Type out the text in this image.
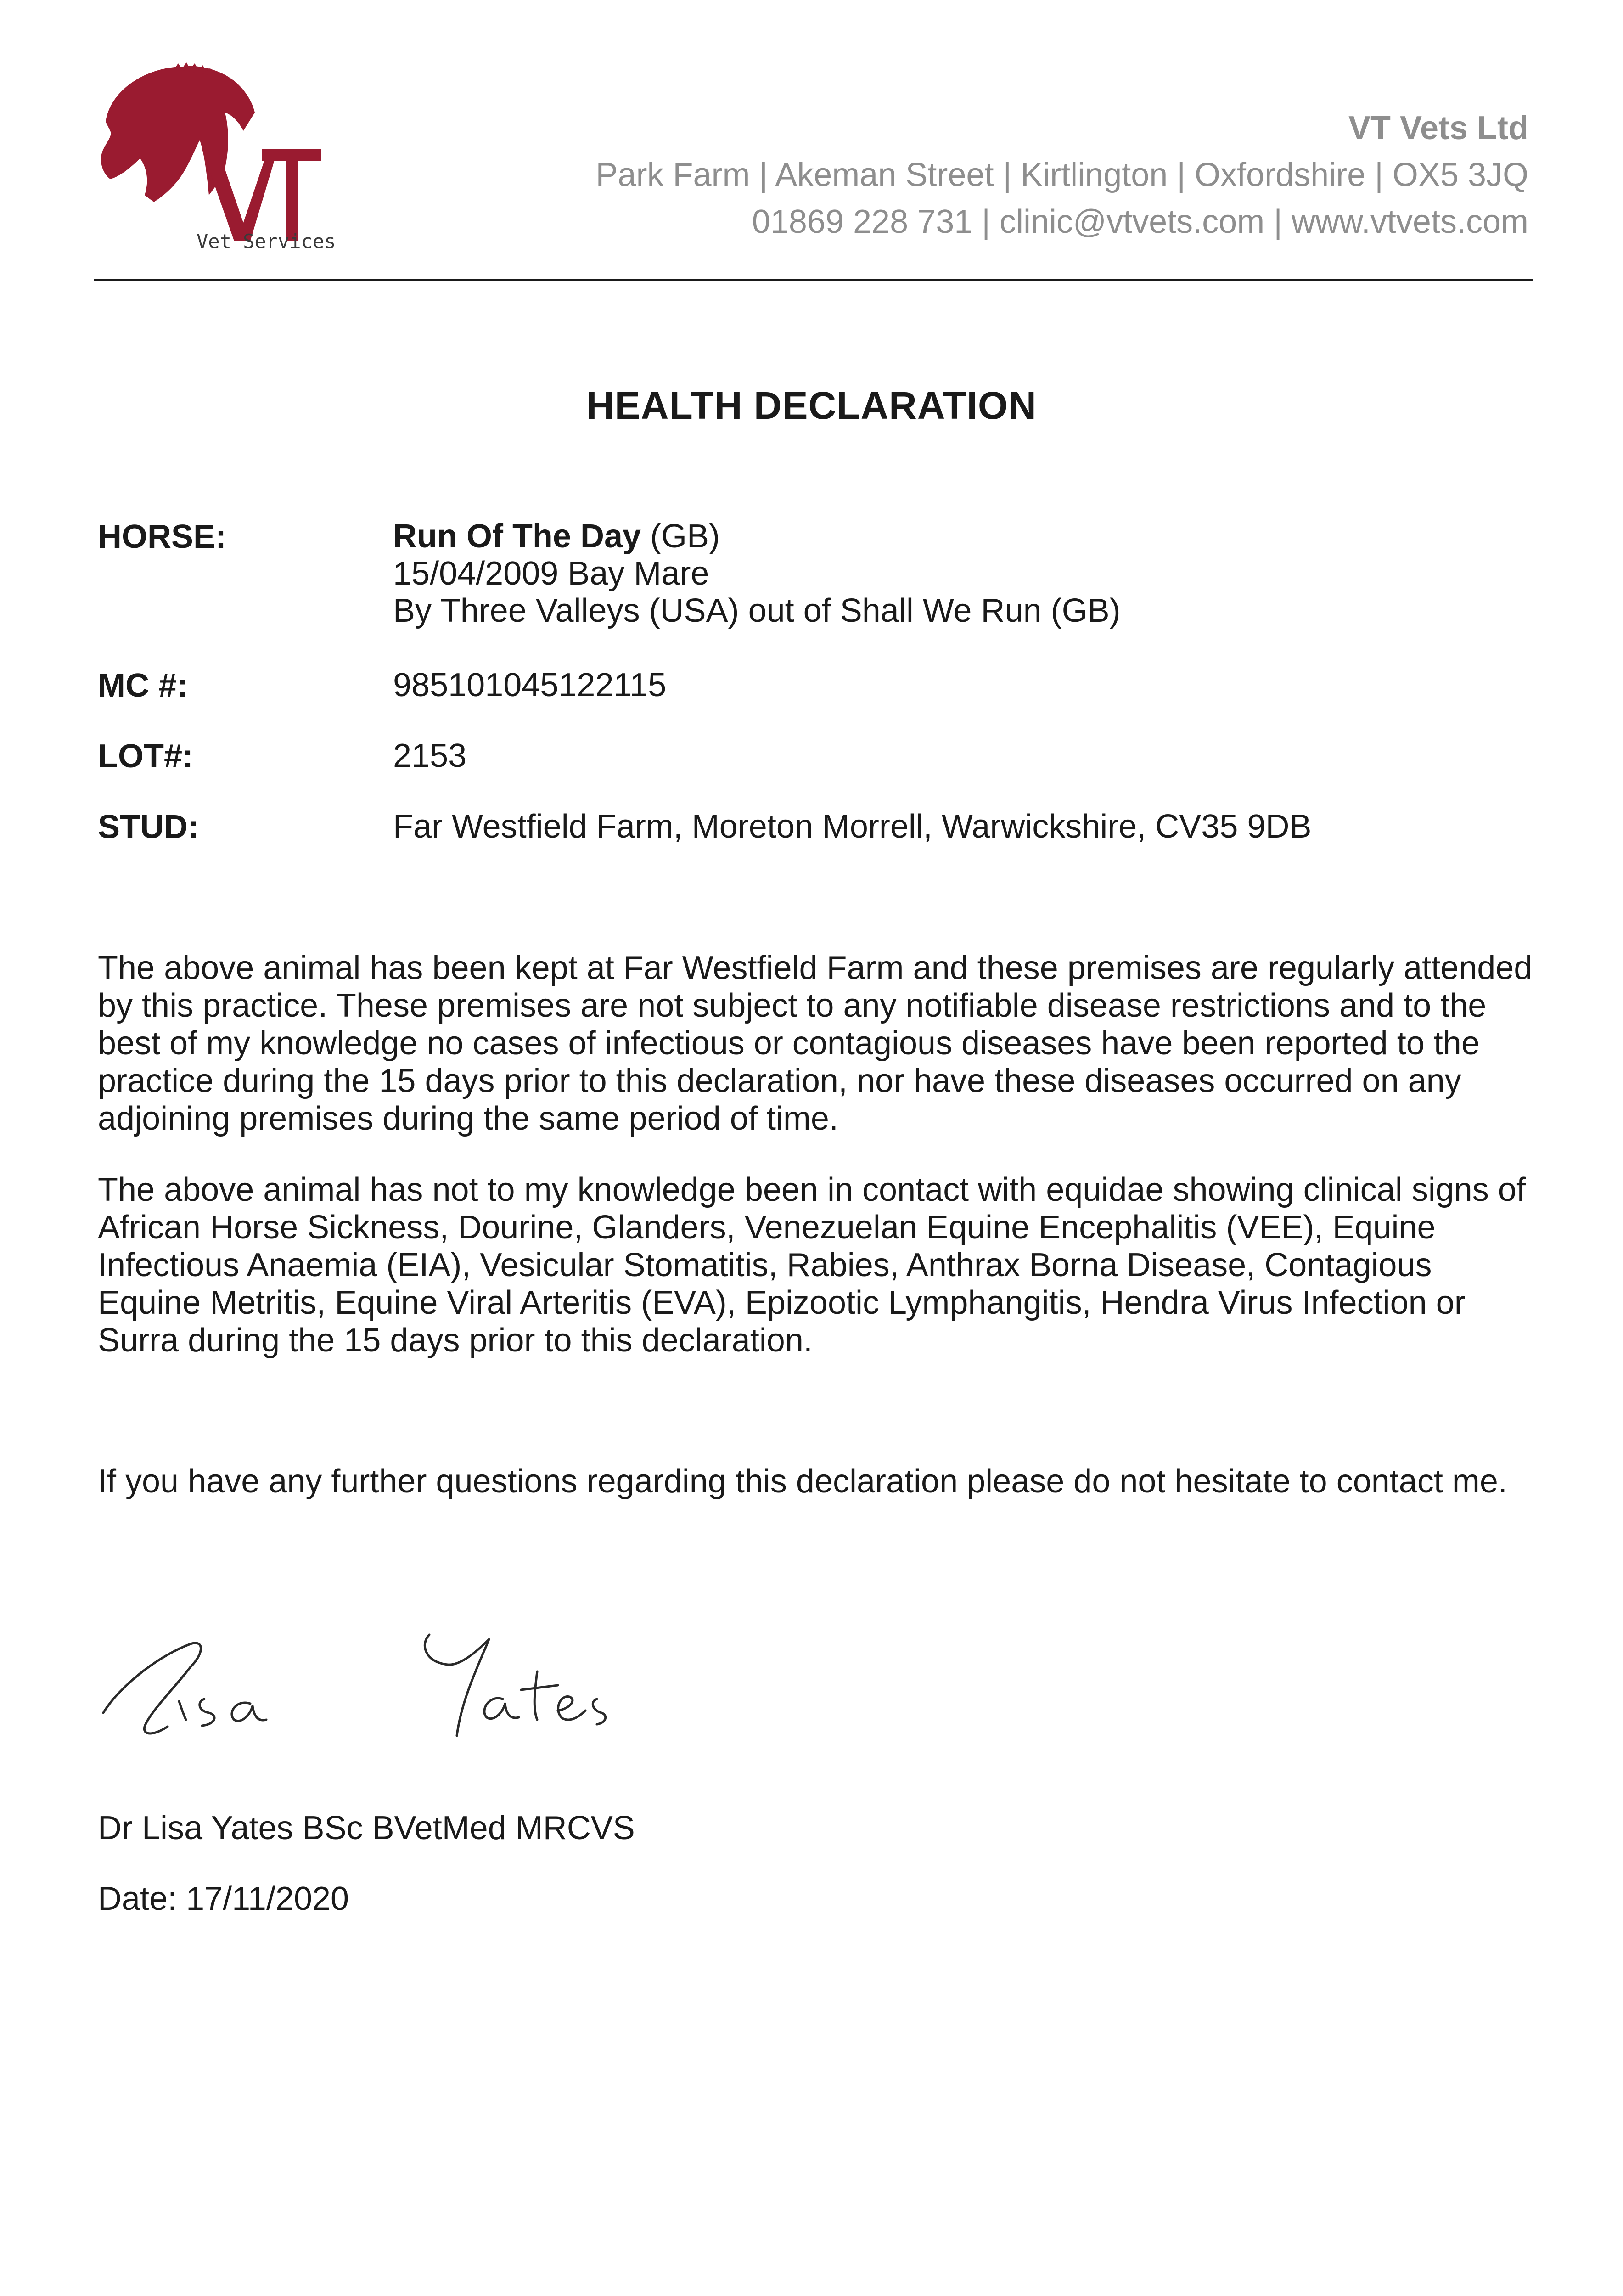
Vet Services
VT Vets Ltd
Park Farm | Akeman Street | Kirtlington | Oxfordshire | OX5 3JQ
01869 228 731 | clinic@vtvets.com | www.vtvets.com
HEALTH DECLARATION
HORSE:	Run Of The Day (GB)
15/04/2009 Bay Mare
By Three Valleys (USA) out of Shall We Run (GB)
MC #:	985101045122115
LOT#:	2153
STUD:	Far Westfield Farm, Moreton Morrell, Warwickshire, CV35 9DB
The above animal has been kept at Far Westfield Farm and these premises are regularly attended by this practice. These premises are not subject to any notifiable disease restrictions and to the best of my knowledge no cases of infectious or contagious diseases have been reported to the practice during the 15 days prior to this declaration, nor have these diseases occurred on any adjoining premises during the same period of time.
The above animal has not to my knowledge been in contact with equidae showing clinical signs of African Horse Sickness, Dourine, Glanders, Venezuelan Equine Encephalitis (VEE), Equine Infectious Anaemia (EIA), Vesicular Stomatitis, Rabies, Anthrax Borna Disease, Contagious Equine Metritis, Equine Viral Arteritis (EVA), Epizootic Lymphangitis, Hendra Virus Infection or Surra during the 15 days prior to this declaration.
If you have any further questions regarding this declaration please do not hesitate to contact me.
Dr Lisa Yates BSc BVetMed MRCVS
Date: 17/11/2020
